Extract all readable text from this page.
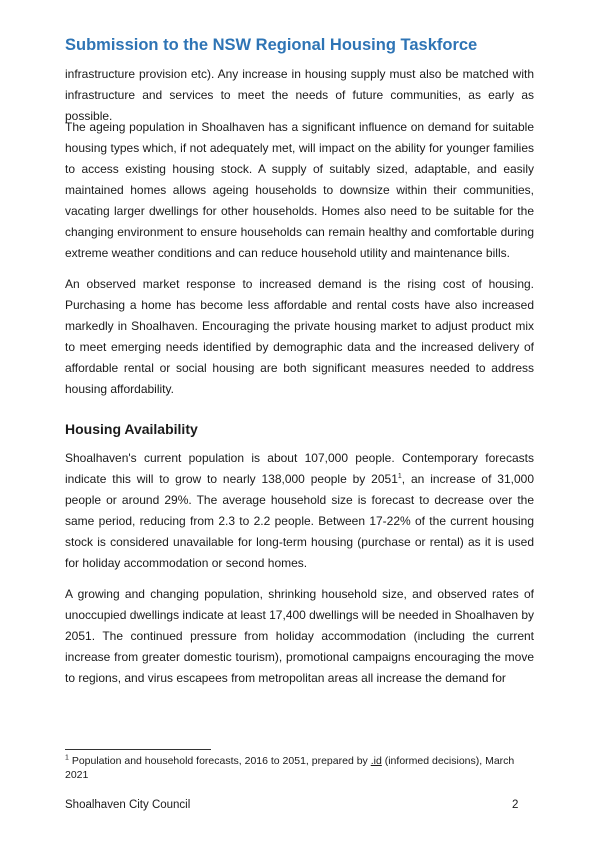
Submission to the NSW Regional Housing Taskforce
infrastructure provision etc). Any increase in housing supply must also be matched with infrastructure and services to meet the needs of future communities, as early as possible.
The ageing population in Shoalhaven has a significant influence on demand for suitable housing types which, if not adequately met, will impact on the ability for younger families to access existing housing stock. A supply of suitably sized, adaptable, and easily maintained homes allows ageing households to downsize within their communities, vacating larger dwellings for other households. Homes also need to be suitable for the changing environment to ensure households can remain healthy and comfortable during extreme weather conditions and can reduce household utility and maintenance bills.
An observed market response to increased demand is the rising cost of housing. Purchasing a home has become less affordable and rental costs have also increased markedly in Shoalhaven. Encouraging the private housing market to adjust product mix to meet emerging needs identified by demographic data and the increased delivery of affordable rental or social housing are both significant measures needed to address housing affordability.
Housing Availability
Shoalhaven's current population is about 107,000 people. Contemporary forecasts indicate this will to grow to nearly 138,000 people by 2051$^1$, an increase of 31,000 people or around 29%. The average household size is forecast to decrease over the same period, reducing from 2.3 to 2.2 people. Between 17-22% of the current housing stock is considered unavailable for long-term housing (purchase or rental) as it is used for holiday accommodation or second homes.
A growing and changing population, shrinking household size, and observed rates of unoccupied dwellings indicate at least 17,400 dwellings will be needed in Shoalhaven by 2051. The continued pressure from holiday accommodation (including the current increase from greater domestic tourism), promotional campaigns encouraging the move to regions, and virus escapees from metropolitan areas all increase the demand for
$^1$ Population and household forecasts, 2016 to 2051, prepared by .id (informed decisions), March 2021
Shoalhaven City Council	2
